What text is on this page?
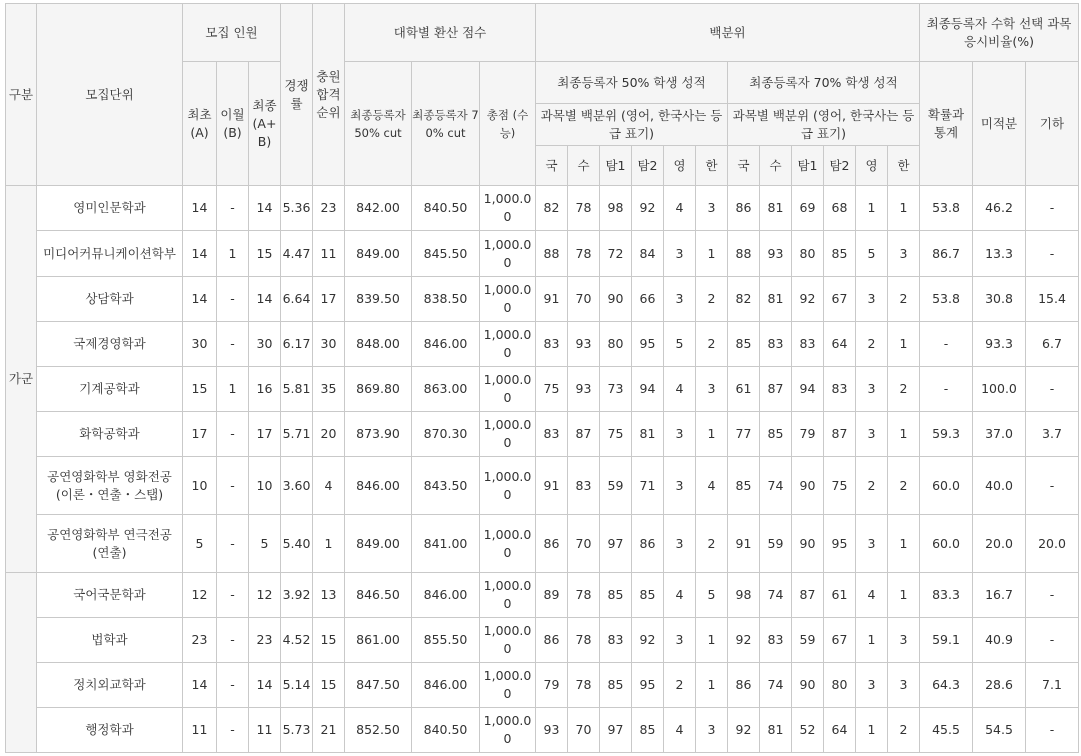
구분	모집단위	모집 인원			경쟁률	충원합격순위	대학별 환산 점수			백분위												최종등록자 수학 선택 과목 응시비율(%)		
		최초 (A)	이월 (B)	최종 (A+B)			최종등록자 50% cut	최종등록자 70% cut	총점 (수능)	최종등록자 50% 학생 성적						최종등록자 70% 학생 성적						확률과 통계	미적분	기하
										과목별 백분위 (영어, 한국사는 등급 표기)						과목별 백분위 (영어, 한국사는 등급 표기)								
										국	수	탐1	탐2	영	한	국	수	탐1	탐2	영	한			
가군	영미인문학과	14	-	14	5.36	23	842.00	840.50	1,000.00	82	78	98	92	4	3	86	81	69	68	1	1	53.8	46.2	-
	미디어커뮤니케이션학부	14	1	15	4.47	11	849.00	845.50	1,000.00	88	78	72	84	3	1	88	93	80	85	5	3	86.7	13.3	-
	상담학과	14	-	14	6.64	17	839.50	838.50	1,000.00	91	70	90	66	3	2	82	81	92	67	3	2	53.8	30.8	15.4
	국제경영학과	30	-	30	6.17	30	848.00	846.00	1,000.00	83	93	80	95	5	2	85	83	83	64	2	1	-	93.3	6.7
	기계공학과	15	1	16	5.81	35	869.80	863.00	1,000.00	75	93	73	94	4	3	61	87	94	83	3	2	-	100.0	-
	화학공학과	17	-	17	5.71	20	873.90	870.30	1,000.00	83	87	75	81	3	1	77	85	79	87	3	1	59.3	37.0	3.7
	공연영화학부 영화전공 (이론・연출・스탭)	10	-	10	3.60	4	846.00	843.50	1,000.00	91	83	59	71	3	4	85	74	90	75	2	2	60.0	40.0	-
	공연영화학부 연극전공 (연출)	5	-	5	5.40	1	849.00	841.00	1,000.00	86	70	97	86	3	2	91	59	90	95	3	1	60.0	20.0	20.0
	국어국문학과	12	-	12	3.92	13	846.50	846.00	1,000.00	89	78	85	85	4	5	98	74	87	61	4	1	83.3	16.7	-
	법학과	23	-	23	4.52	15	861.00	855.50	1,000.00	86	78	83	92	3	1	92	83	59	67	1	3	59.1	40.9	-
	정치외교학과	14	-	14	5.14	15	847.50	846.00	1,000.00	79	78	85	95	2	1	86	74	90	80	3	3	64.3	28.6	7.1
	행정학과	11	-	11	5.73	21	852.50	840.50	1,000.00	93	70	97	85	4	3	92	81	52	64	1	2	45.5	54.5	-
